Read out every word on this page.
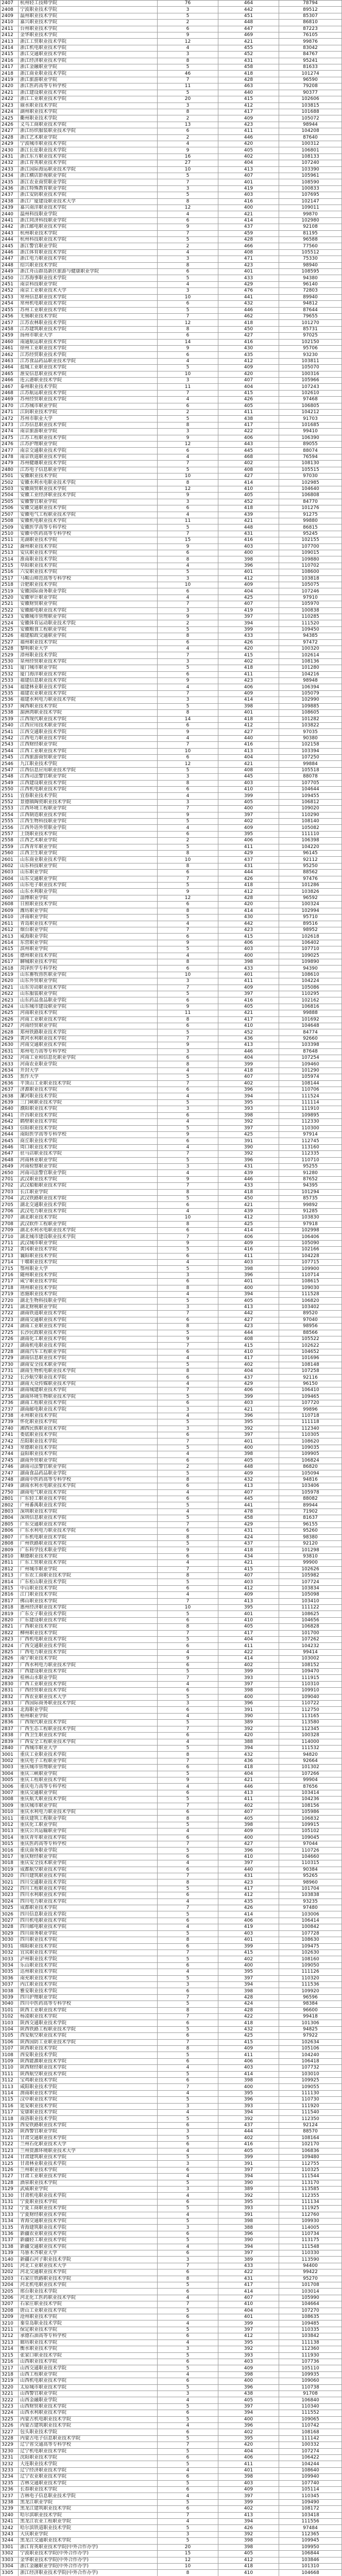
2407	杭州轻工技师学院	76	464	78794
2408	宁波职业技术学院	3	442	89512
2409	温州职业技术学院	5	451	85307
2410	嘉兴职业技术学院	2	448	86810
2411	台州职业技术学院	6	447	87223
2412	金华职业技术学院	9	469	76105
2413	浙江工贸职业技术学院	12	421	99876
2414	浙江机电职业技术学院	4	455	83042
2415	浙江交通职业技术学院	3	452	84767
2416	浙江经济职业技术学院	8	431	95241
2417	浙江金融职业学院	5	458	81633
2418	浙江商业职业技术学院	46	418	101274
2419	浙江旅游职业学院	7	428	96590
2420	浙江医药高等专科学校	11	463	79208
2421	浙江建设职业技术学院	5	440	90377
2422	浙江工业职业技术学院	20	415	102606
2423	丽水职业技术学院	3	412	103815
2424	湖州职业技术学院	8	417	101688
2425	衢州职业技术学院	2	409	105072
2426	义乌工商职业技术学院	13	423	98944
2427	浙江纺织服装职业技术学院	6	411	104208
2428	浙江艺术职业学院	2	446	87640
2429	宁波城市职业技术学院	4	420	100312
2430	浙江长征职业技术学院	9	405	106801
2431	浙江东方职业技术学院	16	402	108133
2432	浙江育英职业技术学院	27	404	107240
2433	浙江国际海运职业技术学院	10	413	103390
2434	浙江横店影视职业学院	5	407	105961
2435	浙江农业商贸职业学院	7	401	108590
2436	浙江特殊教育职业学院	3	419	100833
2437	浙江安防职业技术学院	5	403	107695
2438	浙江广厦建设职业技术大学	8	416	102147
2439	嘉兴南洋职业技术学院	12	400	109011
2440	温州科技职业学院	4	421	99870
2441	浙江同济科技职业学院	6	414	102980
2442	浙江邮电职业技术学院	9	437	92108
2443	杭州职业技术学院	7	459	81195
2444	杭州科技职业技术学院	5	428	96588
2445	浙江警官职业学院	2	466	77560
2446	浙江体育职业技术学院	4	408	105512
2447	浙江电力职业技术学院	3	471	75330
2448	绍兴职业技术学院	8	423	98940
2449	浙江舟山群岛新区旅游与健康职业学院	6	401	108595
2450	江苏海事职业技术学院	5	433	94380
2451	南京科技职业学院	4	429	96140
2452	南京工业职业技术大学	3	476	72803
2453	常州信息职业技术学院	10	441	89940
2454	常州机电职业技术学院	6	432	94812
2455	苏州工业职业技术学院	5	446	87644
2456	无锡职业技术学院	7	462	79655
2457	江苏农林职业技术学院	12	418	101270
2458	江苏建筑职业技术学院	8	450	85731
2459	扬州市职业大学	6	427	97025
2460	南通航运职业技术学院	14	416	102150
2461	徐州工业职业技术学院	9	430	95706
2462	江苏经贸职业技术学院	6	435	93230
2463	江苏食品药品职业技术学院	4	412	103811
2464	盐城工业职业技术学院	5	409	105070
2465	淮安信息职业技术学院	10	420	100316
2466	连云港职业技术学院	3	407	105966
2467	泰州职业技术学院	11	404	107243
2468	江苏航运职业技术学院	7	415	102610
2469	苏州经贸职业技术学院	4	426	97468
2470	江苏城市职业学院	6	405	106805
2471	江阴职业技术学院	2	411	104212
2472	苏州市职业大学	5	438	91703
2473	江苏信息职业技术学院	8	417	101685
2474	南京旅游职业学院	3	422	99410
2475	江苏工程职业技术学院	9	406	106390
2476	江苏护理职业学院	12	443	89055
2477	南京交通职业技术学院	6	445	88074
2478	南京铁道职业技术学院	4	468	76594
2479	苏州健雄职业技术学院	7	402	108130
2480	江苏电子信息职业学院	5	408	105515
2501	安徽职业技术学院	10	427	97030
2502	安徽水利水电职业技术学院	8	414	102985
2503	安徽商贸职业技术学院	12	410	104640
2504	安徽工业经济职业技术学院	9	405	106808
2505	安徽警官职业学院	3	452	84770
2506	安徽交通职业技术学院	6	418	101276
2507	安徽电气工程职业技术学院	4	439	91275
2508	安徽机电职业技术学院	11	421	99880
2509	安徽医学高等专科学校	5	448	86815
2510	安徽中医药高等专科学校	7	431	95245
2511	芜湖职业技术学院	15	416	102155
2512	滁州职业技术学院	9	403	107700
2513	安庆职业技术学院	6	400	109015
2514	淮南职业技术学院	8	398	109880
2515	阜阳职业技术学院	4	396	110702
2516	六安职业技术学院	5	401	108600
2517	马鞍山师范高等专科学校	3	412	103818
2518	合肥职业技术学院	10	409	105075
2519	安徽国际商务职业学院	6	404	107246
2520	安徽审计职业学院	4	425	97910
2521	安徽财贸职业学院	7	407	105970
2522	安徽邮电职业技术学院	3	419	100838
2523	安徽城市管理职业学院	9	397	110285
2524	安徽体育运动职业技术学院	2	394	111520
2525	安徽粮食工程职业学院	5	399	109450
2526	福建船政交通职业学院	8	433	94385
2527	福州职业技术学院	6	426	97472
2528	黎明职业大学	4	420	100320
2529	漳州职业技术学院	7	415	102614
2530	泉州经贸职业技术学院	3	402	108136
2531	厦门城市职业学院	5	418	101280
2532	厦门海洋职业技术学院	6	411	104216
2533	福建信息职业技术学院	9	423	98948
2534	福建林业职业技术学院	4	406	106394
2535	福建农业职业技术学院	7	409	105079
2536	福建水利电力职业技术学院	3	414	102990
2537	闽西职业技术学院	5	398	109885
2538	湄洲湾职业技术学院	8	401	108605
2539	江西现代职业技术学院	14	418	101282
2540	江西应用技术职业学院	6	412	103822
2541	江西交通职业技术学院	9	427	97035
2542	江西电力职业技术学院	4	440	90380
2543	江西财经职业学院	7	416	102158
2544	江西工业职业技术学院	10	413	103394
2545	江西旅游商贸职业学院	6	404	107250
2546	九江职业技术学院	12	421	99884
2547	江西信息应用职业技术学院	5	408	105518
2548	江西司法警官职业学院	3	445	88078
2549	江西建设职业技术学院	8	403	107705
2550	江西机电职业技术学院	6	410	104644
2551	宜春职业技术学院	4	399	109455
2552	景德镇陶瓷职业技术学院	3	405	106812
2553	江西环境工程职业学院	7	400	109020
2554	江西制造职业技术学院	9	397	110290
2555	江西生物科技职业学院	5	402	108140
2556	江西外语外贸职业学院	4	409	105082
2557	上饶职业技术学院	6	395	111110
2558	江西艺术职业学院	2	406	106398
2559	江西青年职业学院	5	411	104220
2560	江西卫生职业学院	8	429	96145
2601	山东商业职业技术学院	10	437	92112
2602	山东科技职业学院	8	431	95250
2603	山东职业学院	6	444	88562
2604	山东交通职业学院	7	426	97476
2605	山东电子职业技术学院	5	418	101286
2606	山东水利职业学院	9	412	103826
2607	淄博职业学院	12	428	96592
2608	日照职业技术学院	6	420	100324
2609	潍坊职业学院	8	414	102994
2610	济南职业学院	5	430	95710
2611	青岛职业技术学院	4	442	89516
2612	烟台职业学院	7	423	98952
2613	威海职业学院	6	415	102618
2614	东营职业学院	9	406	106402
2615	滨州职业学院	5	403	107710
2616	德州职业技术学院	4	400	109025
2617	聊城职业技术学院	8	398	109890
2618	菏泽医学专科学校	6	433	94390
2619	山东畜牧兽医职业学院	10	401	108610
2620	山东外贸职业学院	3	411	104224
2621	山东劳动职业技术学院	7	409	105086
2622	山东服装职业学院	5	397	110295
2623	山东药品食品职业学院	6	416	102162
2624	山东城市建设职业学院	9	405	106816
2625	河南职业技术学院	11	421	99888
2626	河南工业职业技术学院	8	417	101692
2627	河南经贸职业学院	6	410	104648
2628	郑州铁路职业技术学院	5	452	84774
2629	黄河水利职业技术学院	7	436	92660
2630	河南交通职业技术学院	9	413	103398
2631	郑州电力高等专科学校	3	446	87648
2632	河南工业和信息化职业学院	6	404	107254
2633	河南农业职业学院	8	399	109460
2634	开封大学	4	418	101290
2635	焦作大学	5	407	105974
2636	平顶山工业职业技术学院	7	402	108144
2637	济源职业技术学院	6	396	110706
2638	漯河职业技术学院	4	394	111524
2639	三门峡职业技术学院	5	395	111114
2640	濮阳职业技术学院	3	393	111910
2641	许昌职业技术学院	6	398	109895
2642	鹤壁职业技术学院	4	392	112330
2643	信阳职业技术学院	5	397	110300
2644	南阳医学高等专科学校	9	425	97914
2645	商丘职业技术学院	6	391	112745
2646	周口职业技术学院	4	390	113160
2647	驻马店职业技术学院	7	392	112335
2648	河南林业职业学院	5	396	110710
2649	河南检察职业学院	3	431	95255
2650	河南司法警官职业学院	4	439	91280
2701	武汉职业技术学院	9	446	87652
2702	武汉船舶职业技术学院	7	433	94395
2703	长江职业学院	8	418	101294
2704	武汉铁路职业技术学院	5	450	85735
2705	湖北交通职业技术学院	6	421	99892
2706	武汉电力职业技术学院	4	439	91285
2707	湖北职业技术学院	10	412	103830
2708	武汉软件工程职业学院	8	425	97918
2709	湖北水利水电职业技术学院	6	414	102998
2710	湖北城市建设职业技术学院	7	406	106406
2711	武汉城市职业学院	9	409	105090
2712	黄冈职业技术学院	5	416	102166
2713	襄阳职业技术学院	6	411	104228
2714	十堰职业技术学院	4	403	107715
2715	鄂州职业大学	5	398	109900
2716	随州职业技术学院	3	396	110714
2717	咸宁职业技术学院	6	401	108615
2718	荆州职业技术学院	8	400	109030
2719	恩施职业技术学院	4	394	111528
2720	湖北生物科技职业学院	5	405	106820
2721	湖北财税职业学院	3	413	103402
2722	湖南铁道职业技术学院	7	442	89520
2723	湖南交通职业技术学院	6	427	97040
2724	湖南工业职业技术学院	8	423	98956
2725	长沙民政职业技术学院	5	444	88566
2726	湖南化工职业技术学院	9	408	105522
2727	湖南机电职业技术学院	7	415	102622
2728	湖南汽车工程职业学院	6	410	104652
2729	湖南信息职业技术学院	4	417	101696
2730	湖南安全技术职业学院	5	402	108148
2731	湖南生物机电职业技术学院	8	404	107258
2732	长沙航空职业技术学院	6	437	92116
2733	湖南大众传媒职业技术学院	4	429	96150
2734	湖南城建职业技术学院	7	406	106410
2735	湖南环境生物职业技术学院	5	399	109465
2736	湖南工程职业技术学院	6	403	107720
2737	湖南邮电职业技术学院	3	421	99896
2738	永州职业技术学院	4	396	110718
2739	怀化职业技术学院	5	395	111118
2740	湘西民族职业技术学院	3	392	112340
2741	娄底职业技术学院	6	397	110305
2742	岳阳职业技术学院	7	401	108620
2743	常德职业技术学院	5	400	109035
2744	益阳职业技术学院	4	398	109905
2745	湖南外贸职业学院	6	405	106824
2746	湖南司法警官职业学院	2	448	86820
2747	湖南食品药品职业学院	5	409	105094
2748	湖南中医药高等专科学校	8	432	94816
2749	湖南水利水电职业技术学院	6	413	103406
2750	湖南电气职业技术学院	4	407	105978
2801	广东轻工职业技术学院	6	445	88082
2802	广州番禺职业技术学院	5	441	89944
2803	深圳职业技术学院	4	478	71902
2804	深圳信息职业技术学院	5	458	81637
2805	广东交通职业技术学院	7	429	96155
2806	广东水利电力职业技术学院	6	431	95260
2807	广东机电职业技术学院	8	424	98380
2808	广州铁路职业技术学院	5	437	92120
2809	广东科学技术职业学院	9	418	101298
2810	顺德职业技术学院	6	434	93810
2811	广东工贸职业技术学院	4	421	99900
2812	广州城市职业学院	7	415	102626
2813	广东农工商职业技术学院	8	407	105982
2814	广东松山职业技术学院	5	403	107724
2815	中山职业技术学院	6	412	103834
2816	江门职业技术学院	4	409	105098
2817	佛山职业技术学院	7	413	103410
2818	惠州经济职业技术学院	10	395	111122
2819	广东女子职业技术学院	5	401	108625
2820	广东建设职业技术学院	6	410	104656
2821	广西职业技术学院	8	405	106828
2822	柳州职业技术学院	7	417	101700
2823	广西机电职业技术学院	5	404	107262
2824	广西交通职业技术学院	6	411	104232
2825	广西电力职业技术学院	4	422	99414
2826	南宁职业技术学院	9	414	103002
2827	广西水利电力职业技术学院	6	402	108152
2828	广西建设职业技术学院	5	399	109470
2829	桂林山水职业学院	7	393	111915
2830	广西工业职业技术学院	4	397	110310
2831	广西经贸职业技术学院	6	398	109910
2832	广西农业职业技术大学	5	400	109040
2833	广西国际商务职业技术学院	3	396	110722
2834	北海职业学院	6	391	112750
2835	梧州职业学院	4	390	113165
2836	广西现代职业技术学院	5	389	113580
2837	广西生态工程职业技术学院	7	392	112345
2838	广西卫生职业技术学院	6	420	100328
2839	广西安全工程职业技术学院	4	388	114000
2840	广西城市职业大学	5	394	111532
3001	重庆工业职业技术学院	8	432	94820
3002	重庆电子工程职业学院	7	436	92664
3003	重庆城市管理职业学院	6	418	101302
3004	重庆三峡职业学院	5	404	107266
3005	重庆工程职业技术学院	9	421	99904
3006	重庆电力高等专科学校	4	446	87656
3007	重庆交通职业学院	6	413	103414
3008	重庆航天职业技术学院	5	411	104236
3009	重庆城市职业学院	7	402	108156
3010	重庆水利电力职业技术学院	6	407	105986
3011	重庆建筑工程职业学院	8	405	106832
3012	重庆化工职业学院	5	398	109915
3013	重庆公共运输职业学院	4	409	105102
3014	重庆青年职业技术学院	6	400	109045
3015	重庆医药高等专科学校	7	427	97044
3016	重庆商务职业学院	5	396	110726
3017	重庆财经职业学院	6	410	104660
3018	重庆安全技术职业学院	4	397	110315
3019	成都航空职业技术学院	6	440	90384
3020	四川建筑职业技术学院	7	431	95265
3021	四川交通职业技术学院	8	423	98960
3022	四川工程职业技术学院	5	417	101704
3023	四川水利职业技术学院	6	412	103838
3024	四川电力职业技术学院	4	435	93235
3025	成都职业技术学院	7	426	97480
3026	四川信息职业技术学院	5	414	103006
3027	四川机电职业技术学院	6	406	106414
3028	四川邮电职业技术学院	4	419	100842
3029	四川商务职业学院	5	403	107728
3030	四川职业技术学院	8	401	108630
3031	绵阳职业技术学院	6	399	109475
3032	宜宾职业技术学院	7	415	102630
3033	泸州职业技术学院	5	402	108160
3034	乐山职业技术学院	6	400	109050
3035	达州职业技术学院	4	395	111126
3036	南充职业技术学院	5	397	110320
3037	内江职业技术学院	3	394	111536
3038	雅安职业技术学院	6	398	109920
3039	四川护理职业学院	7	428	96596
3040	四川中医药高等专科学校	5	424	98384
3101	陕西工业职业技术学院	8	428	96600
3102	杨凌职业技术学院	7	422	99418
3103	陕西交通职业技术学院	6	418	101306
3104	陕西铁路工程职业技术学院	5	432	94825
3105	西安航空职业技术学院	6	425	97922
3106	陕西国防工业职业技术学院	7	415	102634
3107	陕西职业技术学院	8	409	105106
3108	西安职业技术学院	5	411	104240
3109	陕西能源职业技术学院	6	406	106418
3110	陕西财经职业技术学院	4	403	107732
3111	陕西航空职业技术学院	5	414	103010
3112	宝鸡职业技术学院	6	398	109925
3113	咸阳职业技术学院	7	400	109055
3114	渭南职业技术学院	4	395	111130
3115	汉中职业技术学院	5	396	110730
3116	延安职业技术学院	3	393	111920
3117	安康职业技术学院	4	394	111540
3118	商洛职业技术学院	5	392	112350
3119	西安铁路职业技术学院	6	437	92124
3120	陕西警官职业学院	3	444	88570
3121	甘肃交通职业技术学院	5	402	108164
3122	兰州石化职业技术大学	6	416	102170
3123	兰州资源环境职业技术大学	4	405	106836
3124	甘肃建筑职业技术学院	5	399	109480
3125	甘肃林业职业技术学院	3	391	112755
3126	兰州职业技术学院	6	397	110325
3127	甘肃工业职业技术学院	4	394	111544
3128	酒泉职业技术学院	5	390	113170
3129	武威职业学院	3	389	113585
3130	甘肃机电职业技术学院	4	392	112355
3131	宁夏职业技术学院	6	395	111134
3132	宁夏工商职业技术学院	5	393	111925
3133	宁夏财经职业技术学院	4	391	112760
3134	青海交通职业技术学院	5	398	109930
3135	青海建筑职业技术学院	3	388	114005
3136	新疆农业职业技术学院	6	396	110734
3137	新疆轻工职业技术学院	5	390	113175
3138	新疆交通职业技术学院	4	394	111548
3139	乌鲁木齐职业大学	6	397	110330
3140	新疆石河子职业技术学院	3	389	113590
3201	河北工业职业技术大学	7	433	94400
3202	河北交通职业技术学院	6	422	99422
3203	石家庄铁路职业技术学院	8	431	95270
3204	河北机电职业技术学院	5	417	101708
3205	邢台职业技术学院	6	414	103014
3206	河北化工医药职业技术学院	4	407	105990
3207	石家庄职业技术学院	7	410	104664
3208	唐山工业职业技术学院	5	404	107270
3209	沧州职业技术学院	6	401	108635
3210	秦皇岛职业技术学院	4	399	109485
3211	保定职业技术学院	5	397	110335
3212	承德石油高等专科学校	6	412	103842
3213	廊坊职业技术学院	4	395	111138
3214	衡水职业技术学院	3	392	112360
3215	张家口职业技术学院	5	393	111930
3216	山西职业技术学院	6	403	107736
3217	山西交通职业技术学院	5	409	105110
3218	山西工程职业学院	4	398	109935
3219	山西机电职业技术学院	6	400	109060
3220	太原城市职业技术学院	5	396	110738
3221	山西警官职业学院	3	438	91708
3222	山西金融职业学院	4	405	106840
3223	山西财贸职业技术学院	5	397	110340
3224	山西水利职业技术学院	6	394	111552
3225	内蒙古机电职业技术学院	5	400	109065
3226	内蒙古建筑职业技术学院	4	396	110742
3227	包头职业技术学院	6	402	108168
3228	内蒙古电子信息职业技术学院	5	395	111142
3229	辽宁省交通高等专科学校	7	420	100332
3230	辽宁机电职业技术学院	5	404	107274
3231	沈阳职业技术学院	6	406	106422
3232	大连职业技术学院	5	411	104244
3233	辽宁经济职业技术学院	4	401	108640
3234	辽宁农业职业技术学院	6	398	109940
3235	吉林交通职业技术学院	5	403	107740
3236	长春职业技术学院	6	409	105114
3237	吉林电子信息职业技术学院	4	397	110345
3238	黑龙江职业学院	5	399	109490
3239	黑龙江建筑职业技术学院	6	402	108172
3240	哈尔滨职业技术学院	7	413	103418
3241	黑龙江农业工程职业学院	4	394	111556
3242	哈尔滨铁道职业技术学院	5	426	97484
3243	大庆职业学院	3	392	112365
3244	黑龙江交通职业技术学院	5	398	109945
3301	浙江育英职业技术学院(中外合作办学)	20	398	109950
3302	宁波职业技术学院(中外合作办学)	15	405	106844
3303	金华职业技术学院(中外合作办学)	12	412	103846
3304	浙江金融职业学院(中外合作办学)	10	418	101310
3305	浙江经济职业技术学院(中外合作办学)	8	410	104668
